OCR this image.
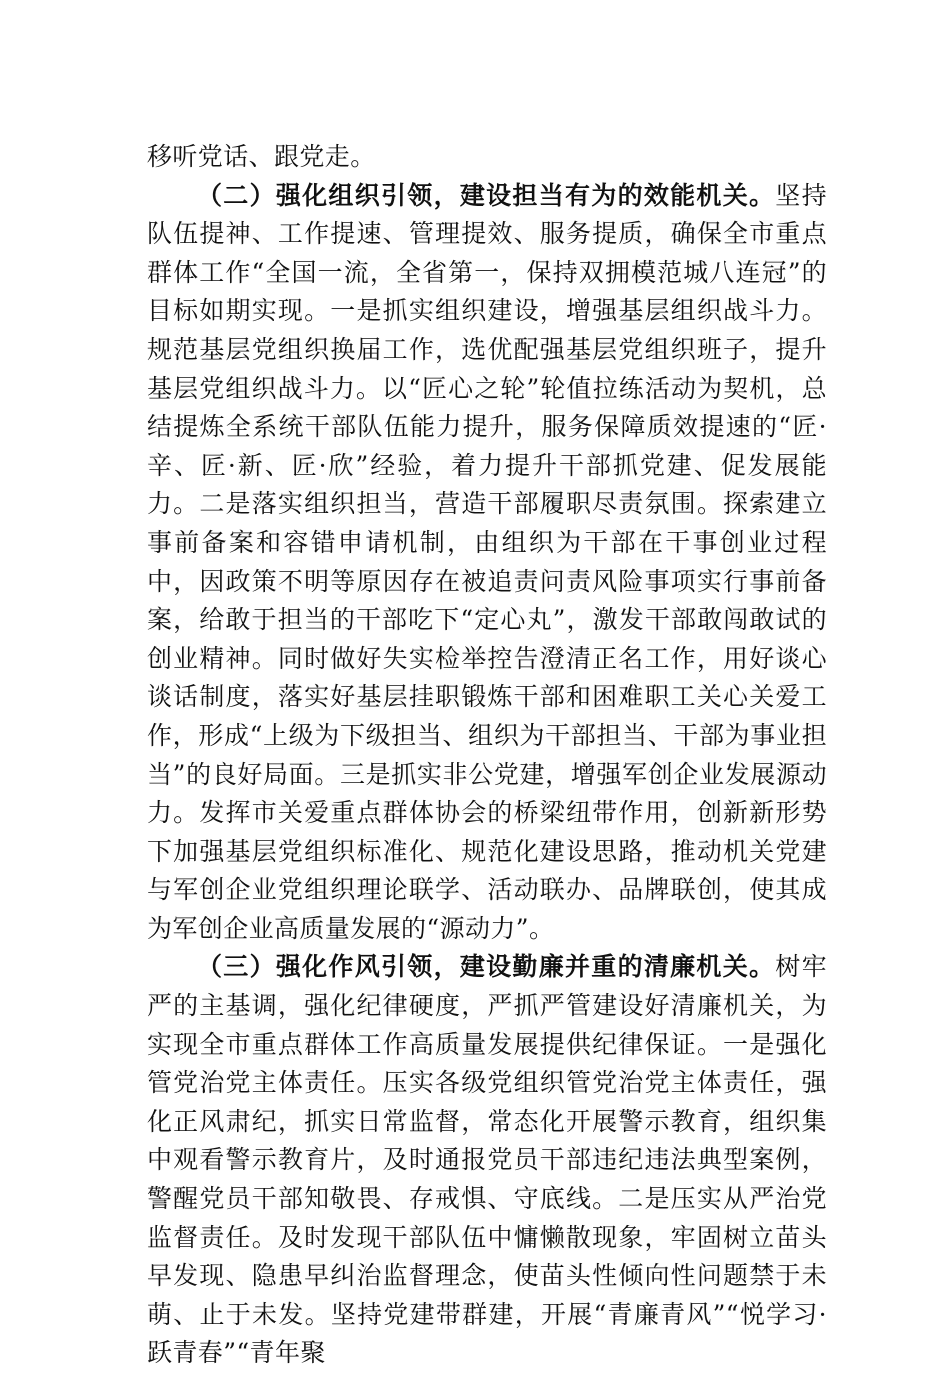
移听党话、跟党走。

（二）强化组织引领，建设担当有为的效能机关。坚持队伍提神、工作提速、管理提效、服务提质，确保全市重点群体工作“全国一流，全省第一，保持双拥模范城八连冠”的目标如期实现。一是抓实组织建设，增强基层组织战斗力。规范基层党组织换届工作，选优配强基层党组织班子，提升基层党组织战斗力。以“匠心之轮”轮值拉练活动为契机，总结提炼全系统干部队伍能力提升，服务保障质效提速的“匠·辛、匠·新、匠·欣”经验，着力提升干部抓党建、促发展能力。二是落实组织担当，营造干部履职尽责氛围。探索建立事前备案和容错申请机制，由组织为干部在干事创业过程中，因政策不明等原因存在被追责问责风险事项实行事前备案，给敢于担当的干部吃下“定心丸”，激发干部敢闯敢试的创业精神。同时做好失实检举控告澄清正名工作，用好谈心谈话制度，落实好基层挂职锻炼干部和困难职工关心关爱工作，形成“上级为下级担当、组织为干部担当、干部为事业担当”的良好局面。三是抓实非公党建，增强军创企业发展源动力。发挥市关爱重点群体协会的桥梁纽带作用，创新新形势下加强基层党组织标准化、规范化建设思路，推动机关党建与军创企业党组织理论联学、活动联办、品牌联创，使其成为军创企业高质量发展的“源动力”。

（三）强化作风引领，建设勤廉并重的清廉机关。树牢严的主基调，强化纪律硬度，严抓严管建设好清廉机关，为实现全市重点群体工作高质量发展提供纪律保证。一是强化管党治党主体责任。压实各级党组织管党治党主体责任，强化正风肃纪，抓实日常监督，常态化开展警示教育，组织集中观看警示教育片，及时通报党员干部违纪违法典型案例，警醒党员干部知敬畏、存戒惧、守底线。二是压实从严治党监督责任。及时发现干部队伍中慵懒散现象，牢固树立苗头早发现、隐患早纠治监督理念，使苗头性倾向性问题禁于未萌、止于未发。坚持党建带群建，开展“青廉青风”“悦学习·跃青春”“青年聚
